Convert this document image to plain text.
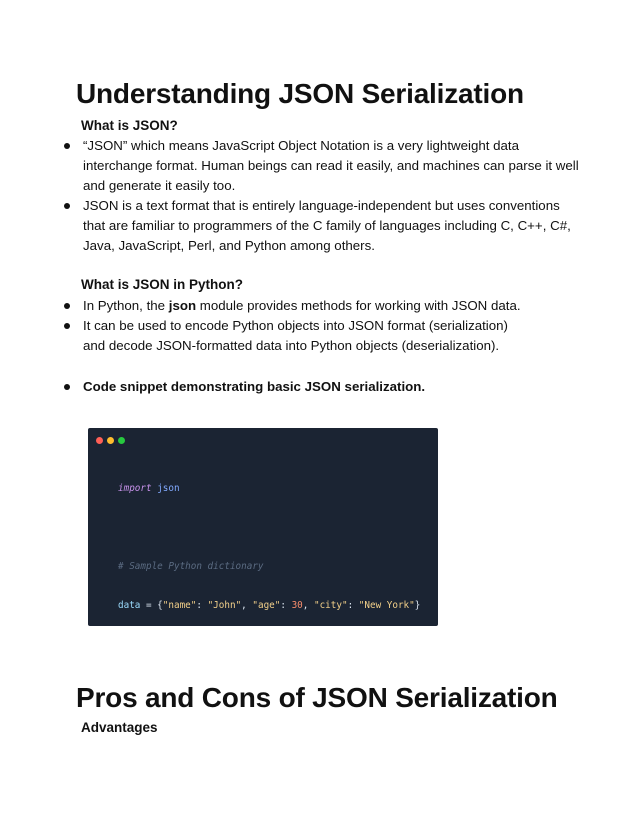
Understanding JSON Serialization
What is JSON?

“JSON” which means JavaScript Object Notation is a very lightweight data interchange format. Human beings can read it easily, and machines can parse it well and generate it easily too.

JSON is a text format that is entirely language-independent but uses conventions that are familiar to programmers of the C family of languages including C, C++, C#, Java, JavaScript, Perl, and Python among others.

What is JSON in Python?

In Python, the json module provides methods for working with JSON data.

It can be used to encode Python objects into JSON format (serialization) and decode JSON-formatted data into Python objects (deserialization).

Code snippet demonstrating basic JSON serialization.

import json

# Sample Python dictionary

data = {"name": "John", "age": 30, "city": "New York"}

Pros and Cons of JSON Serialization
Advantages
